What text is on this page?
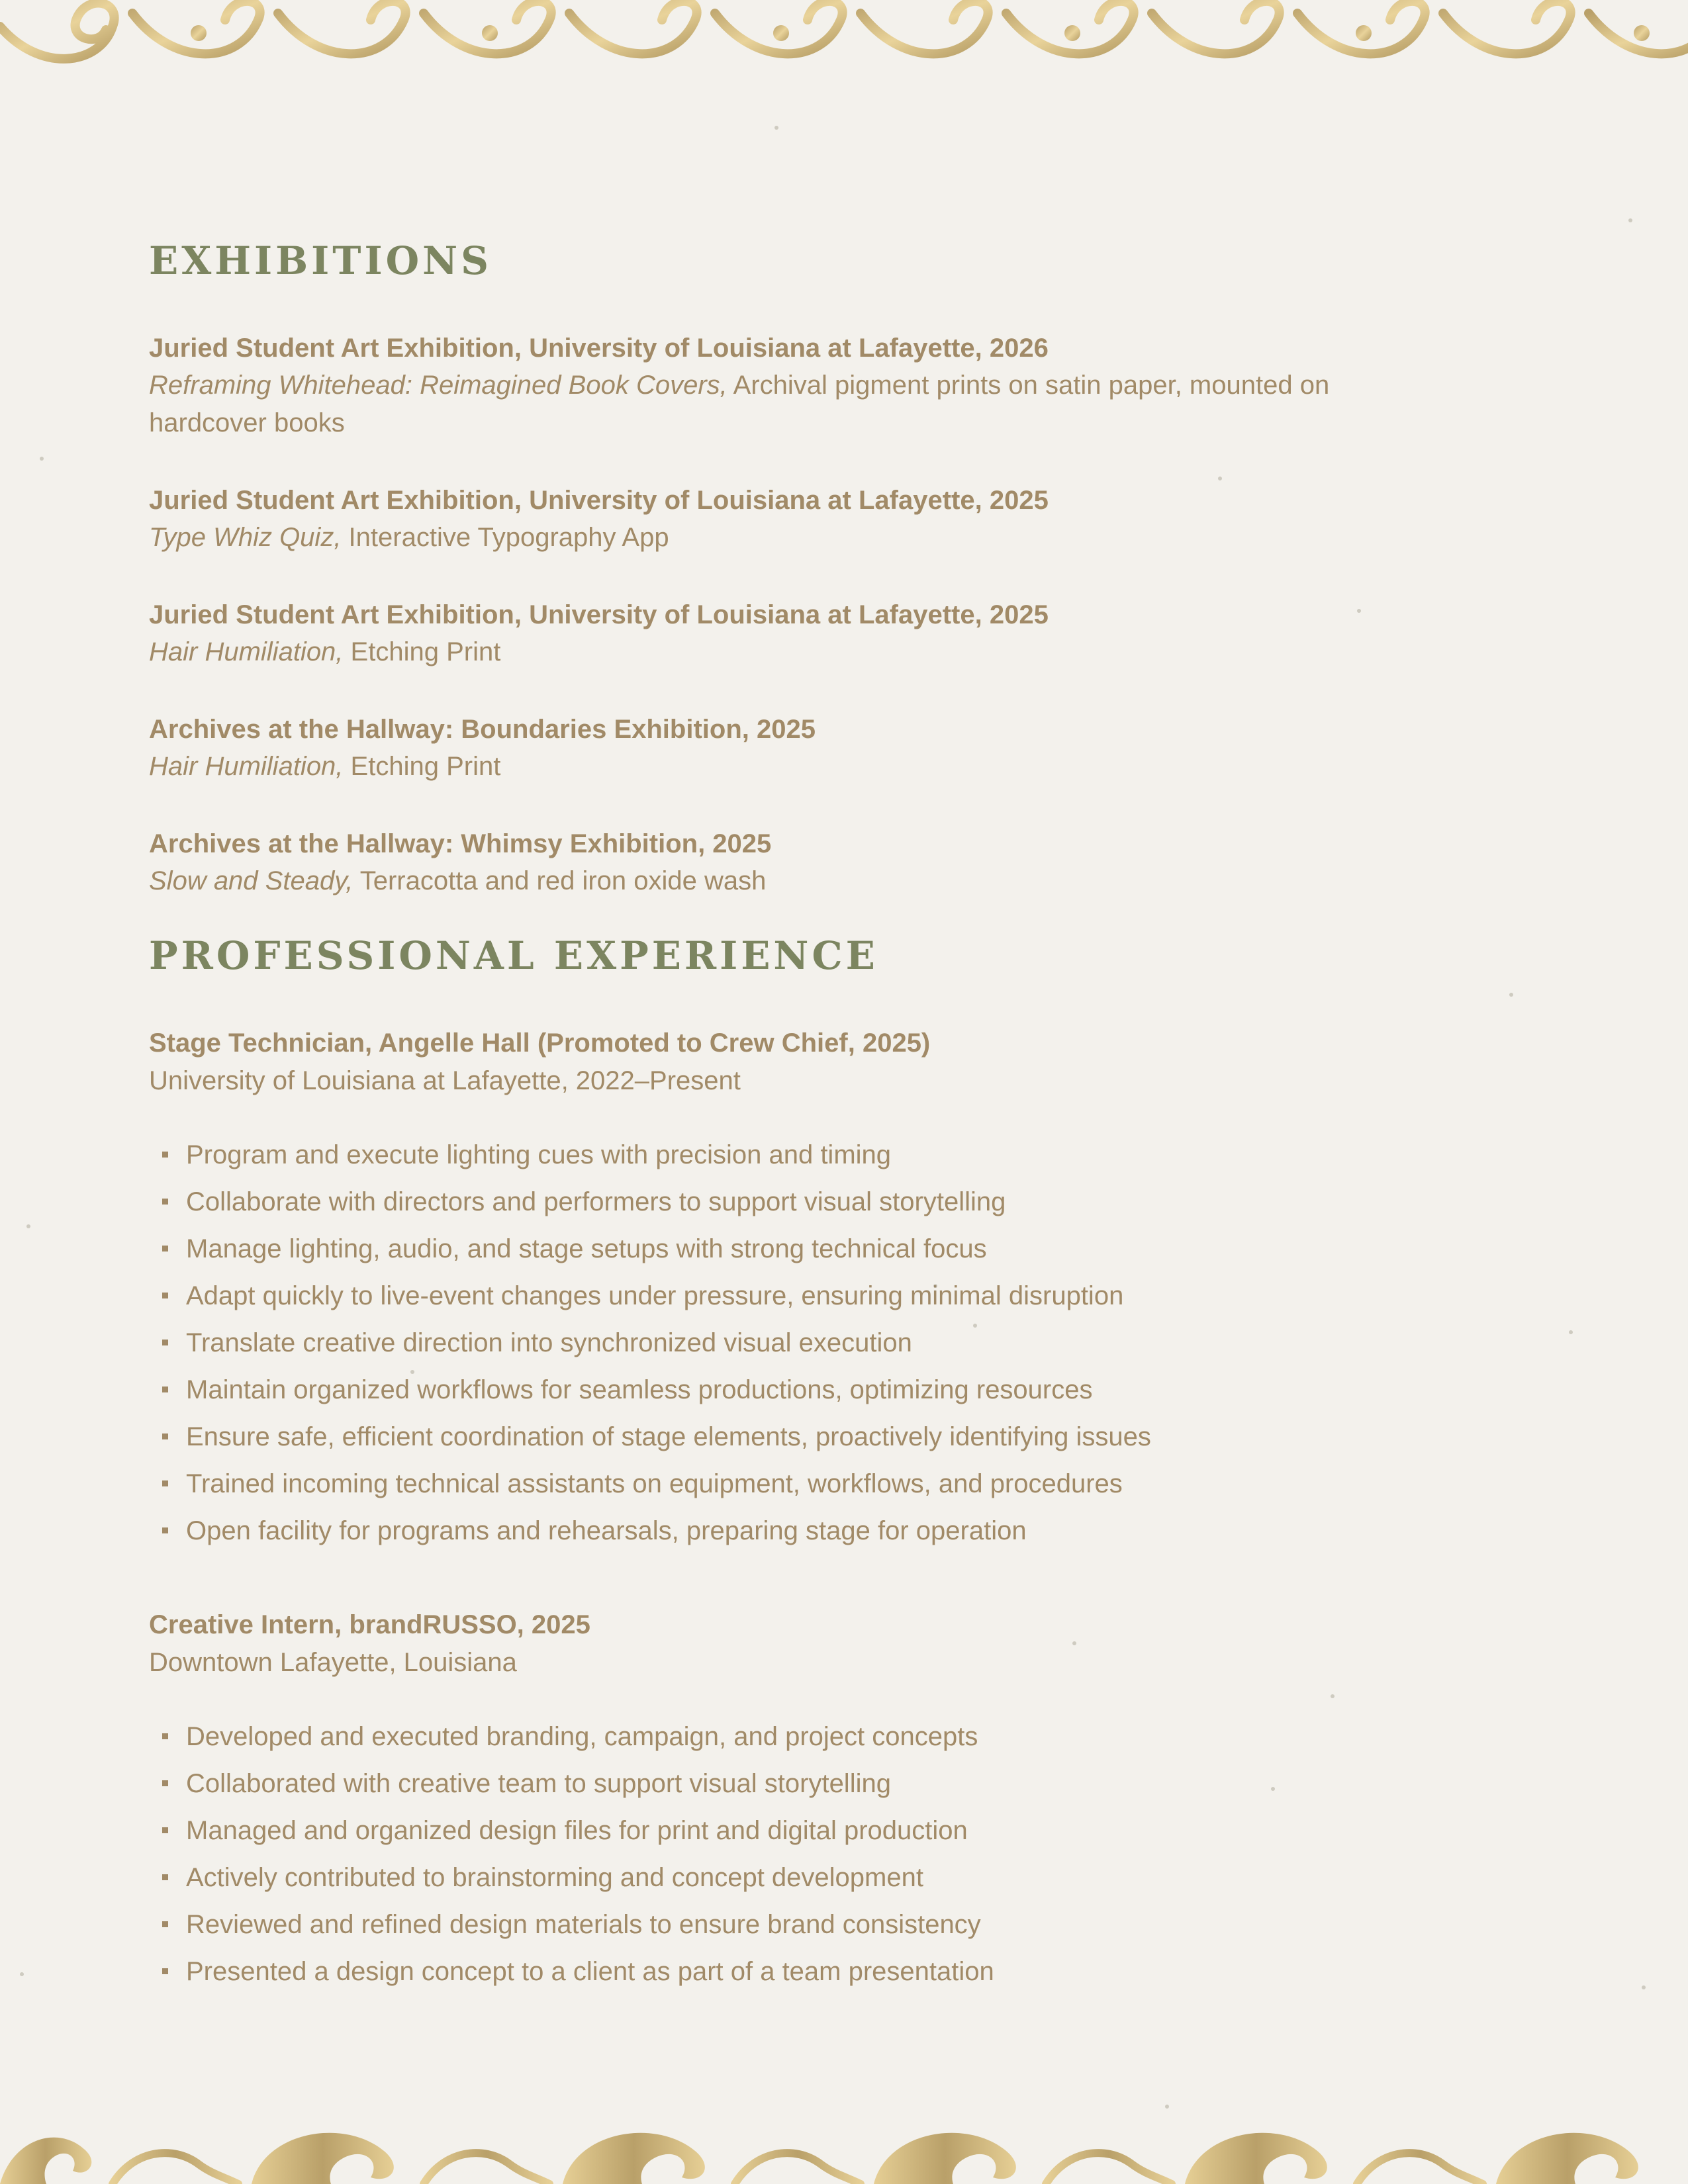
EXHIBITIONS
Juried Student Art Exhibition, University of Louisiana at Lafayette, 2026
Reframing Whitehead: Reimagined Book Covers, Archival pigment prints on satin paper, mounted on hardcover books
Juried Student Art Exhibition, University of Louisiana at Lafayette, 2025
Type Whiz Quiz, Interactive Typography App
Juried Student Art Exhibition, University of Louisiana at Lafayette, 2025
Hair Humiliation, Etching Print
Archives at the Hallway: Boundaries Exhibition, 2025
Hair Humiliation, Etching Print
Archives at the Hallway: Whimsy Exhibition, 2025
Slow and Steady, Terracotta and red iron oxide wash
PROFESSIONAL EXPERIENCE
Stage Technician, Angelle Hall (Promoted to Crew Chief, 2025)
University of Louisiana at Lafayette, 2022–Present
Program and execute lighting cues with precision and timing
Collaborate with directors and performers to support visual storytelling
Manage lighting, audio, and stage setups with strong technical focus
Adapt quickly to live-event changes under pressure, ensuring minimal disruption
Translate creative direction into synchronized visual execution
Maintain organized workflows for seamless productions, optimizing resources
Ensure safe, efficient coordination of stage elements, proactively identifying issues
Trained incoming technical assistants on equipment, workflows, and procedures
Open facility for programs and rehearsals, preparing stage for operation
Creative Intern, brandRUSSO, 2025
Downtown Lafayette, Louisiana
Developed and executed branding, campaign, and project concepts
Collaborated with creative team to support visual storytelling
Managed and organized design files for print and digital production
Actively contributed to brainstorming and concept development
Reviewed and refined design materials to ensure brand consistency
Presented a design concept to a client as part of a team presentation
